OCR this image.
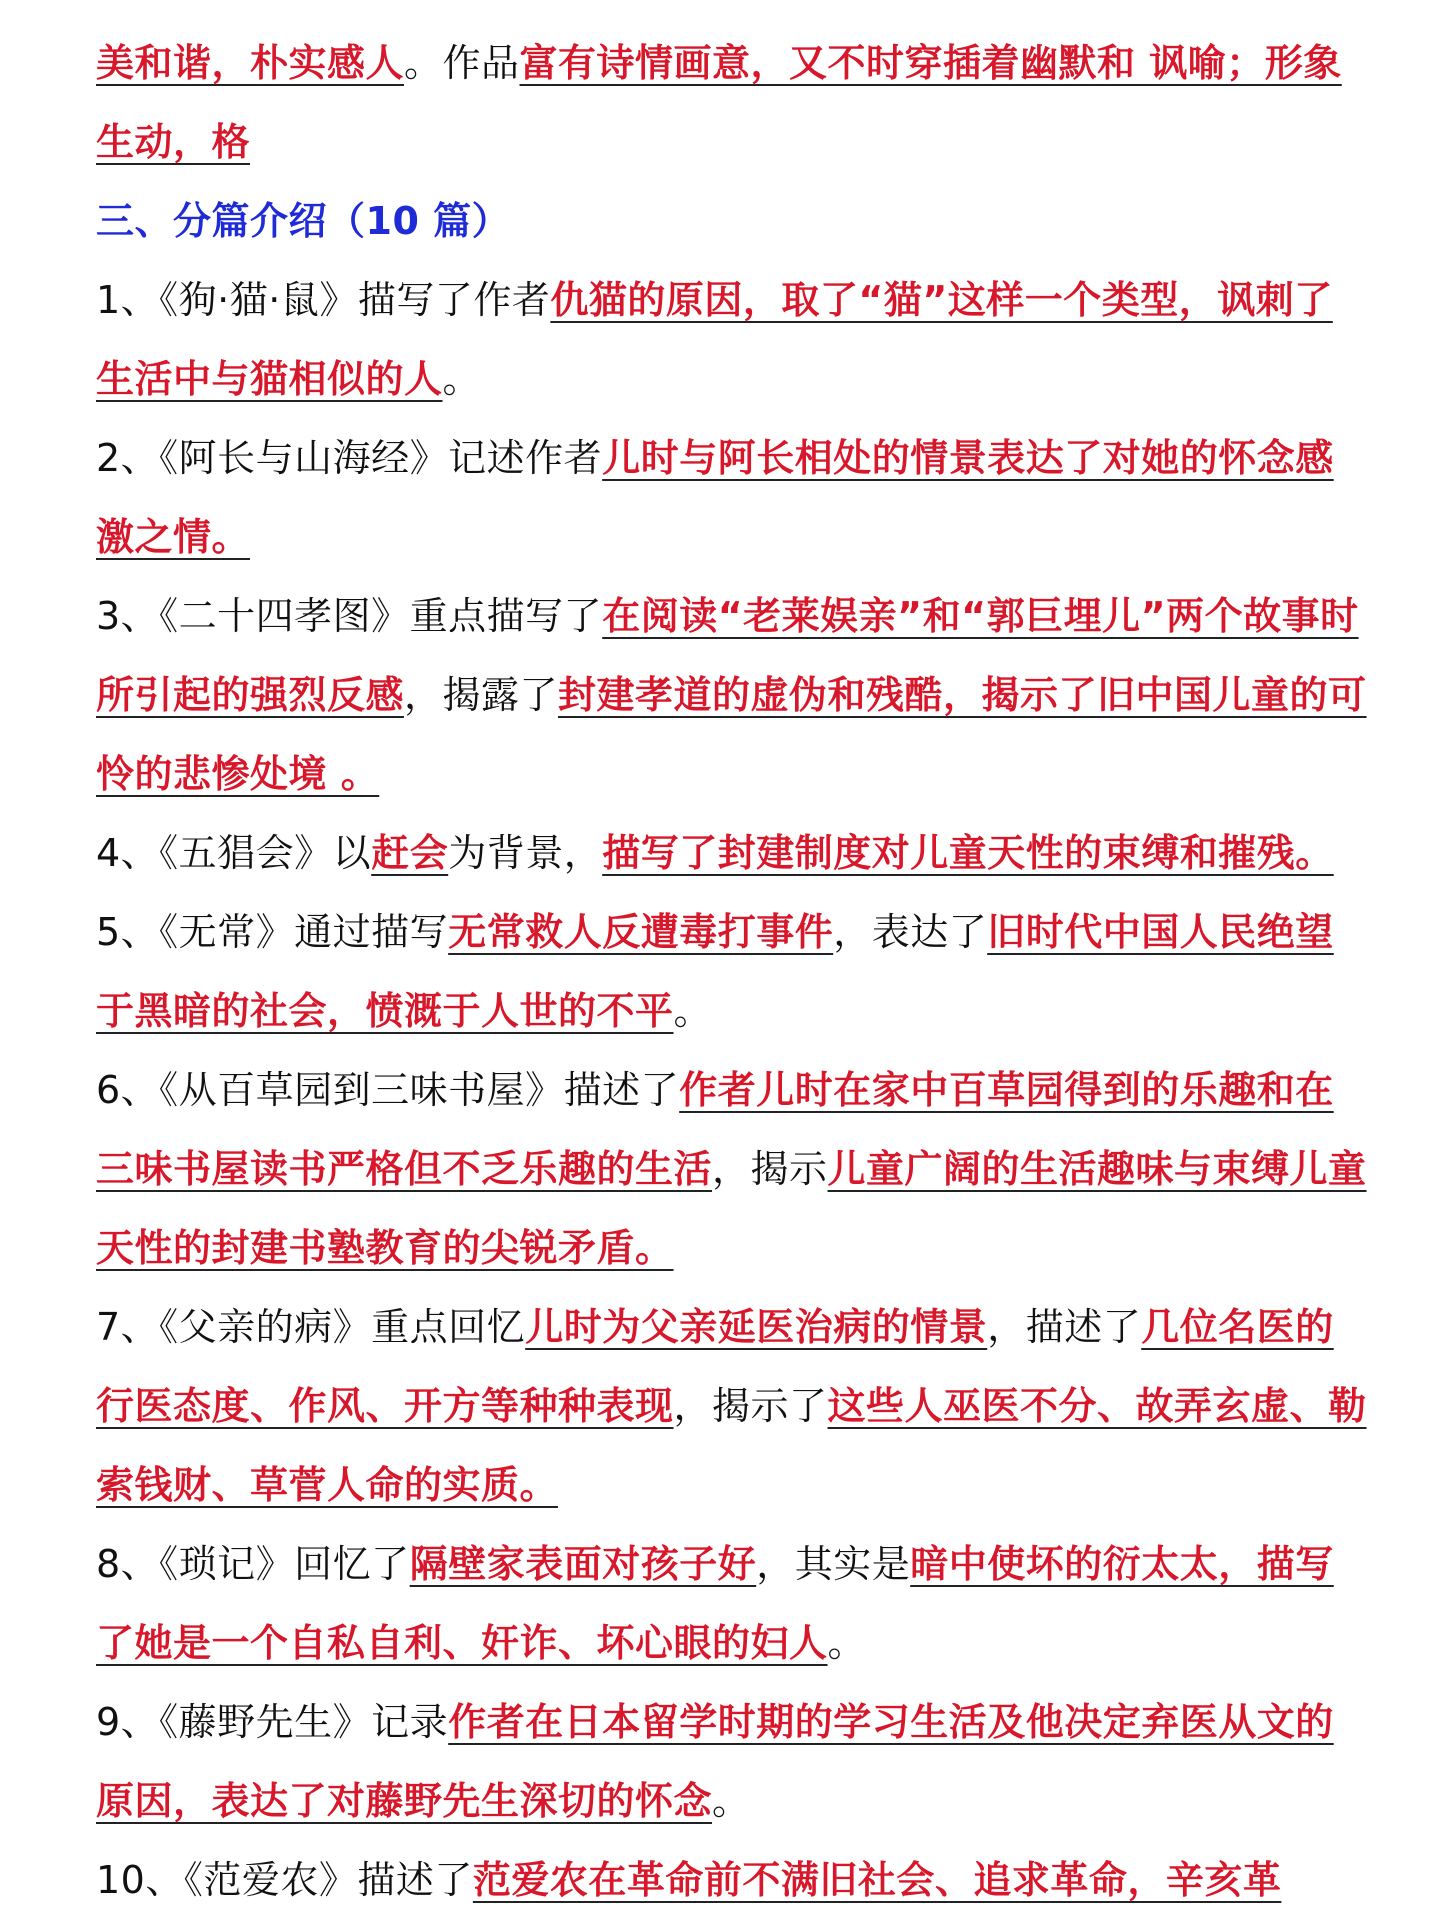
美和谐，朴实感人。作品富有诗情画意，又不时穿插着幽默和 讽喻；形象生动，格

三、分篇介绍（10 篇）

1、《狗·猫·鼠》描写了作者仇猫的原因，取了“猫”这样一个类型，讽刺了生活中与猫相似的人。

2、《阿长与山海经》记述作者儿时与阿长相处的情景表达了对她的怀念感激之情。

3、《二十四孝图》重点描写了在阅读“老莱娱亲”和“郭巨埋儿”两个故事时所引起的强烈反感，揭露了封建孝道的虚伪和残酷，揭示了旧中国儿童的可怜的悲惨处境 。

4、《五猖会》以赶会为背景，描写了封建制度对儿童天性的束缚和摧残。

5、《无常》通过描写无常救人反遭毒打事件，表达了旧时代中国人民绝望于黑暗的社会，愤溉于人世的不平。

6、《从百草园到三味书屋》描述了作者儿时在家中百草园得到的乐趣和在三味书屋读书严格但不乏乐趣的生活，揭示儿童广阔的生活趣味与束缚儿童天性的封建书塾教育的尖锐矛盾。

7、《父亲的病》重点回忆儿时为父亲延医治病的情景，描述了几位名医的行医态度、作风、开方等种种表现，揭示了这些人巫医不分、故弄玄虚、勒索钱财、草菅人命的实质。

8、《琐记》回忆了隔壁家表面对孩子好，其实是暗中使坏的衍太太，描写了她是一个自私自利、奸诈、坏心眼的妇人。

9、《藤野先生》记录作者在日本留学时期的学习生活及他决定弃医从文的原因，表达了对藤野先生深切的怀念。

10、《范爱农》描述了范爱农在革命前不满旧社会、追求革命，辛亥革
